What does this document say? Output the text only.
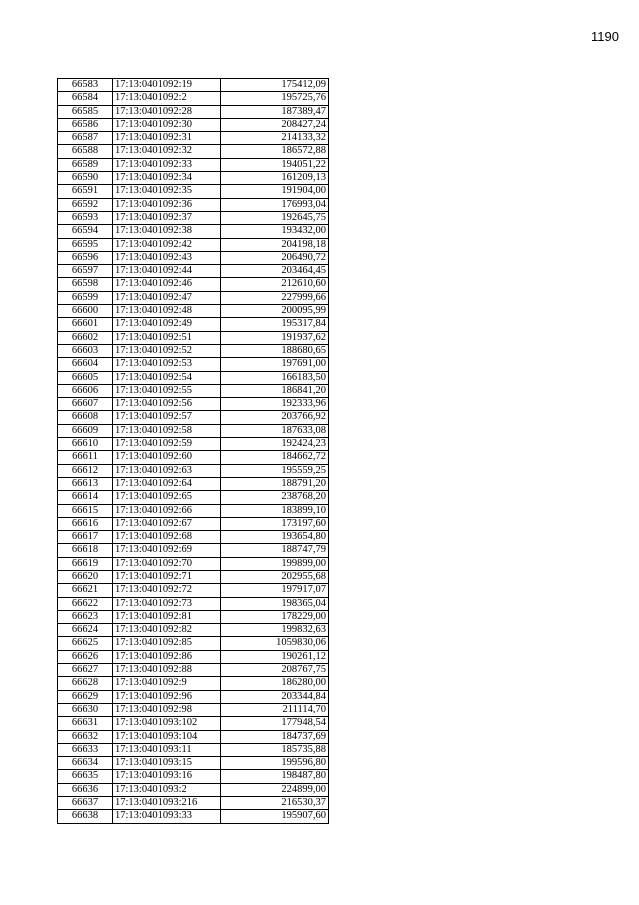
1190
66583	17:13:0401092:19	175412,09
66584	17:13:0401092:2	195725,76
66585	17:13:0401092:28	187389,47
66586	17:13:0401092:30	208427,24
66587	17:13:0401092:31	214133,32
66588	17:13:0401092:32	186572,88
66589	17:13:0401092:33	194051,22
66590	17:13:0401092:34	161209,13
66591	17:13:0401092:35	191904,00
66592	17:13:0401092:36	176993,04
66593	17:13:0401092:37	192645,75
66594	17:13:0401092:38	193432,00
66595	17:13:0401092:42	204198,18
66596	17:13:0401092:43	206490,72
66597	17:13:0401092:44	203464,45
66598	17:13:0401092:46	212610,60
66599	17:13:0401092:47	227999,66
66600	17:13:0401092:48	200095,99
66601	17:13:0401092:49	195317,84
66602	17:13:0401092:51	191937,62
66603	17:13:0401092:52	188680,65
66604	17:13:0401092:53	197691,00
66605	17:13:0401092:54	166183,50
66606	17:13:0401092:55	186841,20
66607	17:13:0401092:56	192333,96
66608	17:13:0401092:57	203766,92
66609	17:13:0401092:58	187633,08
66610	17:13:0401092:59	192424,23
66611	17:13:0401092:60	184662,72
66612	17:13:0401092:63	195559,25
66613	17:13:0401092:64	188791,20
66614	17:13:0401092:65	238768,20
66615	17:13:0401092:66	183899,10
66616	17:13:0401092:67	173197,60
66617	17:13:0401092:68	193654,80
66618	17:13:0401092:69	188747,79
66619	17:13:0401092:70	199899,00
66620	17:13:0401092:71	202955,68
66621	17:13:0401092:72	197917,07
66622	17:13:0401092:73	198365,04
66623	17:13:0401092:81	178229,00
66624	17:13:0401092:82	199832,63
66625	17:13:0401092:85	1059830,06
66626	17:13:0401092:86	190261,12
66627	17:13:0401092:88	208767,75
66628	17:13:0401092:9	186280,00
66629	17:13:0401092:96	203344,84
66630	17:13:0401092:98	211114,70
66631	17:13:0401093:102	177948,54
66632	17:13:0401093:104	184737,69
66633	17:13:0401093:11	185735,88
66634	17:13:0401093:15	199596,80
66635	17:13:0401093:16	198487,80
66636	17:13:0401093:2	224899,00
66637	17:13:0401093:216	216530,37
66638	17:13:0401093:33	195907,60
